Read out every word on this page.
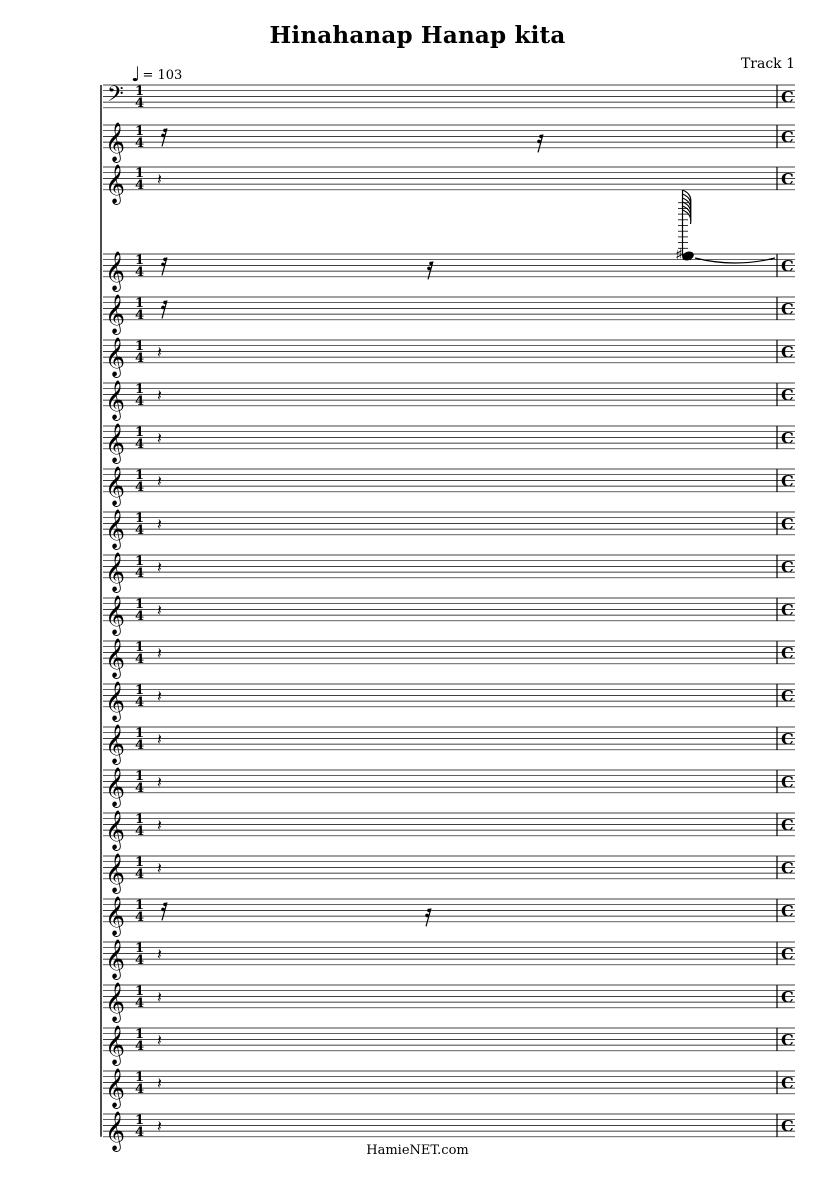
Hinahanap Hanap kita
Track 1
♩ = 103
𝄢 1
4	C
𝄞 1
4	C
𝄞 1
4 𝄽	C
𝄞 1
4
♯
C
𝄞 1
4	C
𝄞 1
4 𝄽	C
𝄞 1
4 𝄽	C
𝄞 1
4 𝄽	C
𝄞 1
4 𝄽	C
𝄞 1
4 𝄽	C
𝄞 1
4 𝄽	C
𝄞 1
4 𝄽	C
𝄞 1
4 𝄽	C
𝄞 1
4 𝄽	C
𝄞 1
4 𝄽	C
𝄞 1
4 𝄽	C
𝄞 1
4 𝄽	C
𝄞 1
4 𝄽	C
𝄞 1
4	C
𝄞 1
4 𝄽	C
𝄞 1
4 𝄽	C
𝄞 1
4 𝄽	C
𝄞 1
4 𝄽	C
𝄞 1
4 𝄽	C
HamieNET.com
